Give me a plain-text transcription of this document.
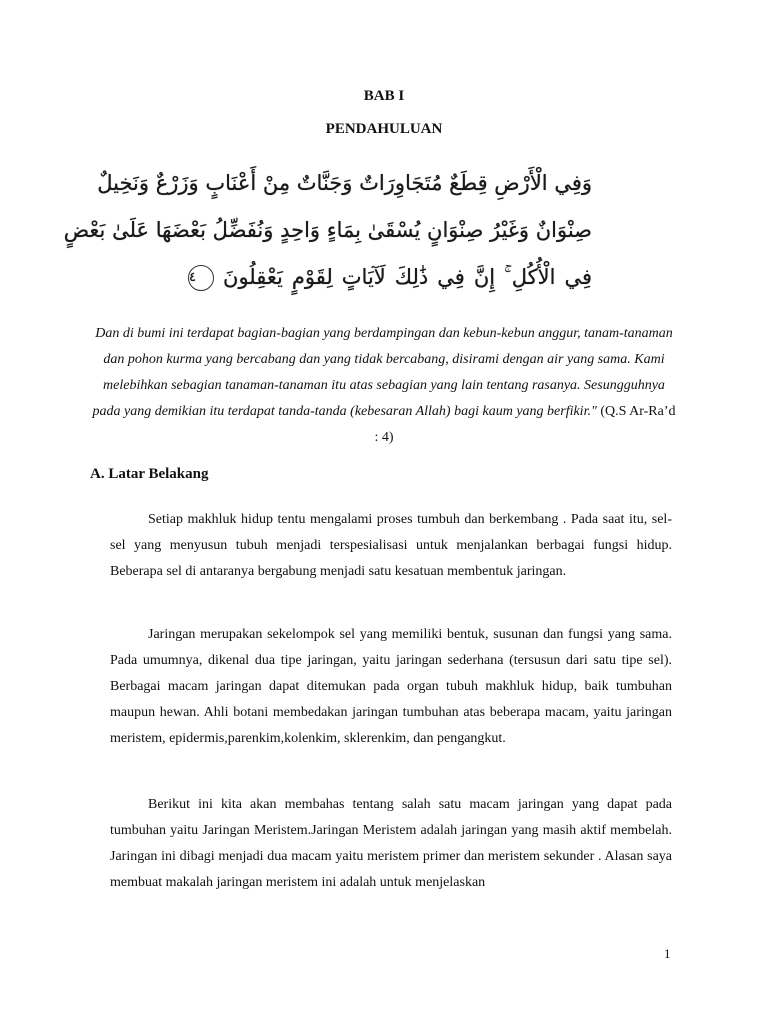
BAB I
PENDAHULUAN
وَفِي الْأَرْضِ قِطَعٌ مُتَجَاوِرَاتٌ وَجَنَّاتٌ مِنْ أَعْنَابٍ وَزَرْعٌ وَنَخِيلٌ
صِنْوَانٌ وَغَيْرُ صِنْوَانٍ يُسْقَىٰ بِمَاءٍ وَاحِدٍ وَنُفَضِّلُ بَعْضَهَا عَلَىٰ بَعْضٍ
فِي الْأُكُلِ ۚ إِنَّ فِي ذَٰلِكَ لَآيَاتٍ لِقَوْمٍ يَعْقِلُونَ ٤

Dan di bumi ini terdapat bagian-bagian yang berdampingan dan kebun-kebun anggur, tanam-tanaman dan pohon kurma yang bercabang dan yang tidak bercabang, disirami dengan air yang sama. Kami melebihkan sebagian tanaman-tanaman itu atas sebagian yang lain tentang rasanya. Sesungguhnya pada yang demikian itu terdapat tanda-tanda (kebesaran Allah) bagi kaum yang berfikir." (Q.S Ar-Ra’d : 4)

A. Latar Belakang

Setiap makhluk hidup tentu mengalami proses tumbuh dan berkembang . Pada saat itu, sel-sel yang menyusun tubuh menjadi terspesialisasi untuk menjalankan berbagai fungsi hidup. Beberapa sel di antaranya bergabung menjadi satu kesatuan membentuk jaringan.

Jaringan merupakan sekelompok sel yang memiliki bentuk, susunan dan fungsi yang sama. Pada umumnya, dikenal dua tipe jaringan, yaitu jaringan sederhana (tersusun dari satu tipe sel). Berbagai macam jaringan dapat ditemukan pada organ tubuh makhluk hidup, baik tumbuhan maupun hewan. Ahli botani membedakan jaringan tumbuhan atas beberapa macam, yaitu jaringan meristem, epidermis,parenkim,kolenkim, sklerenkim, dan pengangkut.

Berikut ini kita akan membahas tentang salah satu macam jaringan yang dapat pada tumbuhan yaitu Jaringan Meristem.Jaringan Meristem adalah jaringan yang masih aktif membelah. Jaringan ini dibagi menjadi dua macam yaitu meristem primer dan meristem sekunder . Alasan saya membuat makalah jaringan meristem ini adalah untuk menjelaskan

1
